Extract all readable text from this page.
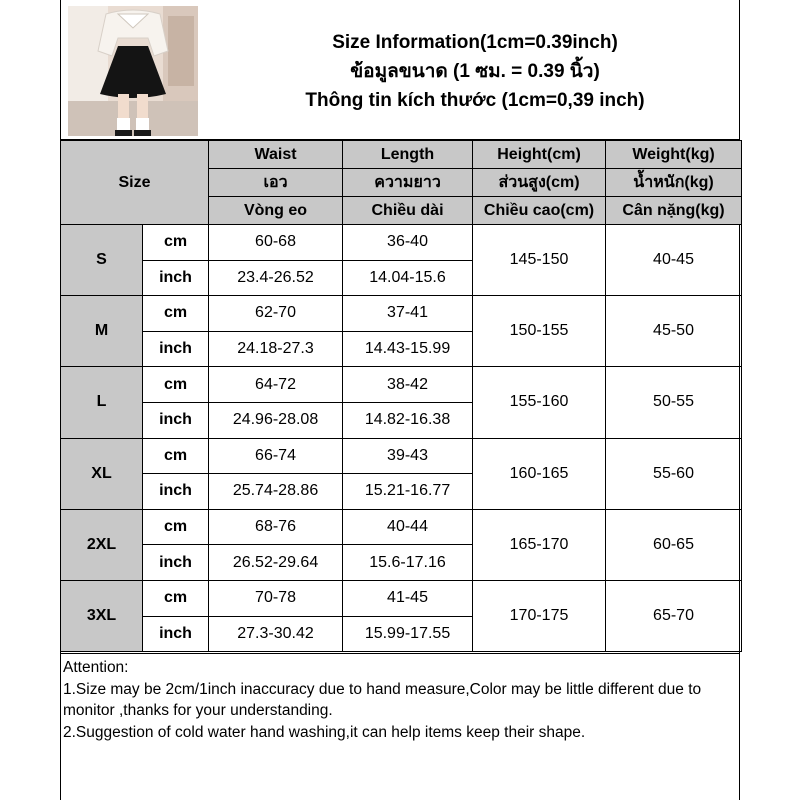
Size Information(1cm=0.39inch)
ข้อมูลขนาด (1 ซม. = 0.39 นิ้ว)
Thông tin kích thước (1cm=0,39 inch)
Size		Waist	Length	Height(cm)	Weight(kg)
		เอว	ความยาว	ส่วนสูง(cm)	น้ำหนัก(kg)
		Vòng eo	Chiều dài	Chiều cao(cm)	Cân nặng(kg)
S	cm	60-68	36-40	145-150	40-45
	inch	23.4-26.52	14.04-15.6		
M	cm	62-70	37-41	150-155	45-50
	inch	24.18-27.3	14.43-15.99		
L	cm	64-72	38-42	155-160	50-55
	inch	24.96-28.08	14.82-16.38		
XL	cm	66-74	39-43	160-165	55-60
	inch	25.74-28.86	15.21-16.77		
2XL	cm	68-76	40-44	165-170	60-65
	inch	26.52-29.64	15.6-17.16		
3XL	cm	70-78	41-45	170-175	65-70
	inch	27.3-30.42	15.99-17.55		
Attention:
1.Size may be 2cm/1inch inaccuracy due to hand measure,Color may be little different due to monitor ,thanks for your understanding.
2.Suggestion of cold water hand washing,it can help items keep their shape.
